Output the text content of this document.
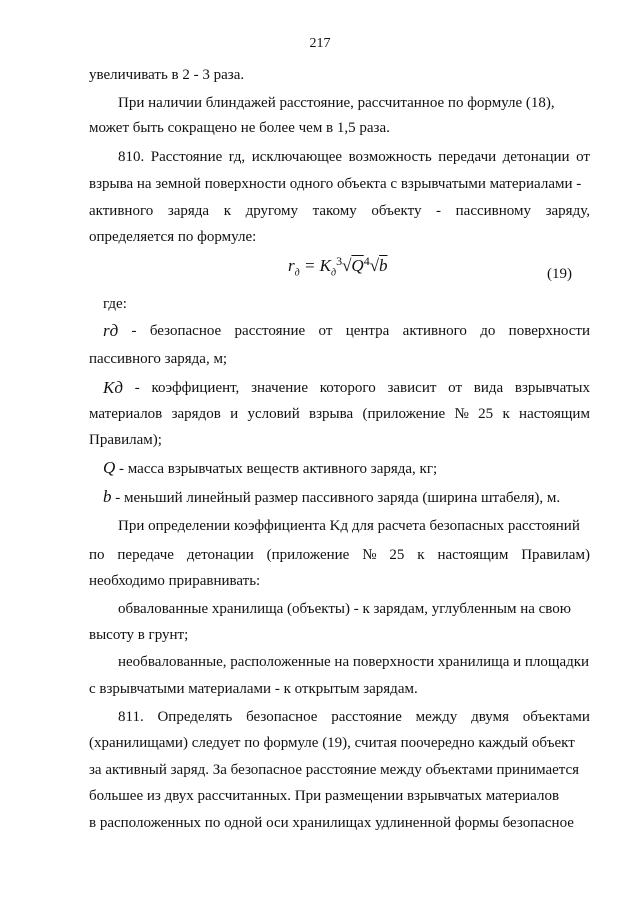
217
увеличивать в 2 - 3 раза.
При наличии блиндажей расстояние, рассчитанное по формуле (18),
может быть сокращено не более чем в 1,5 раза.
810. Расстояние rд, исключающее возможность передачи детонации от
взрыва на земной поверхности одного объекта с взрывчатыми материалами -
активного заряда к другому такому объекту - пассивному заряду,
определяется по формуле:
где:
rд - безопасное расстояние от центра активного до поверхности
пассивного заряда, м;
Kд - коэффициент, значение которого зависит от вида взрывчатых
материалов зарядов и условий взрыва (приложение № 25 к настоящим
Правилам);
Q - масса взрывчатых веществ активного заряда, кг;
b - меньший линейный размер пассивного заряда (ширина штабеля), м.
При определении коэффициента Kд для расчета безопасных расстояний
по передаче детонации (приложение № 25 к настоящим Правилам)
необходимо приравнивать:
обвалованные хранилища (объекты) - к зарядам, углубленным на свою
высоту в грунт;
необвалованные, расположенные на поверхности хранилища и площадки
с взрывчатыми материалами - к открытым зарядам.
811. Определять безопасное расстояние между двумя объектами
(хранилищами) следует по формуле (19), считая поочередно каждый объект
за активный заряд. За безопасное расстояние между объектами принимается
большее из двух рассчитанных. При размещении взрывчатых материалов
в расположенных по одной оси хранилищах удлиненной формы безопасное
$r_д = K_д^3√Q^4√b$	(19)
